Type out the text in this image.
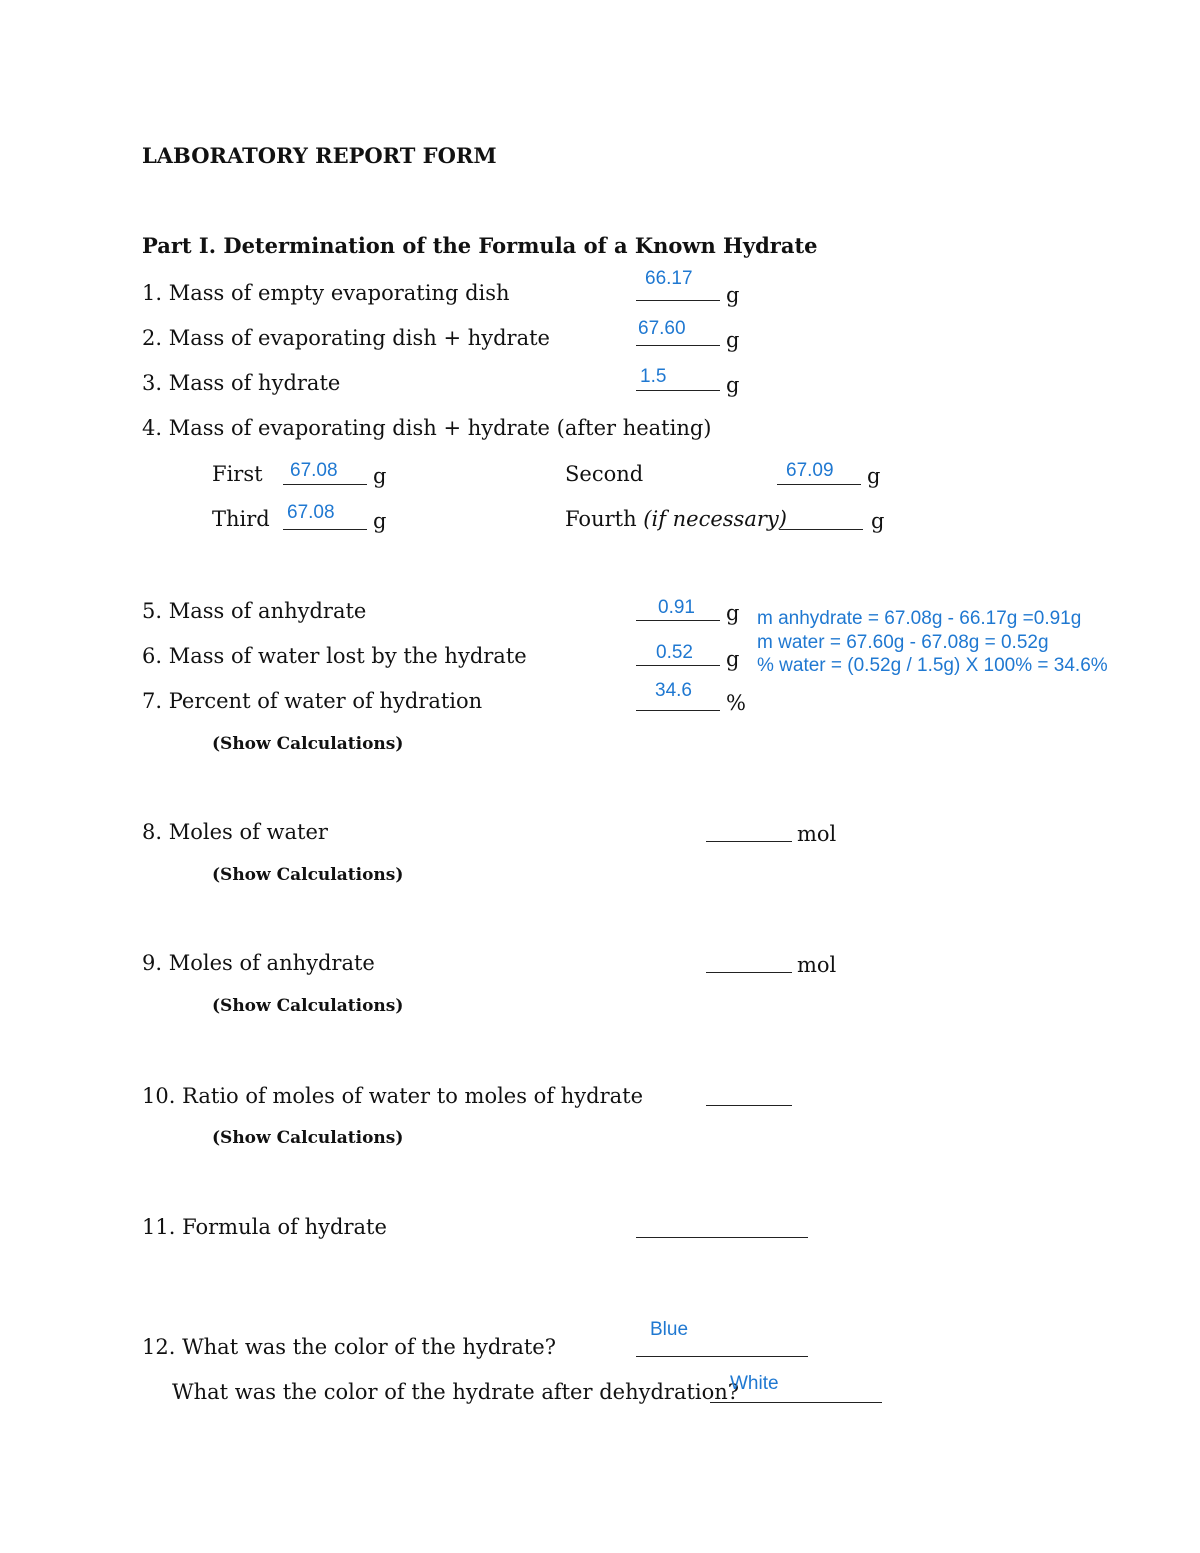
LABORATORY REPORT FORM
Part I. Determination of the Formula of a Known Hydrate
1. Mass of empty evaporating dish
66.17
g
2. Mass of evaporating dish + hydrate	67.60 g
3. Mass of hydrate	1.5	g
4. Mass of evaporating dish + hydrate (after heating)
First 67.08 g	Second	67.09 g
Third 67.08 g	Fourth (if necessary)	g
5. Mass of anhydrate	0.91 g
6. Mass of water lost by the hydrate	0.52 g
7. Percent of water of hydration	34.6
%
(Show Calculations)
m anhydrate = 67.08g - 66.17g =0.91g
m water = 67.60g - 67.08g = 0.52g
% water = (0.52g / 1.5g) X 100% = 34.6%
8. Moles of water	mol
(Show Calculations)
9. Moles of anhydrate	mol
(Show Calculations)
10. Ratio of moles of water to moles of hydrate
(Show Calculations)
11. Formula of hydrate
12. What was the color of the hydrate?
Blue
What was the color of the hydrate after dehydration?
White
